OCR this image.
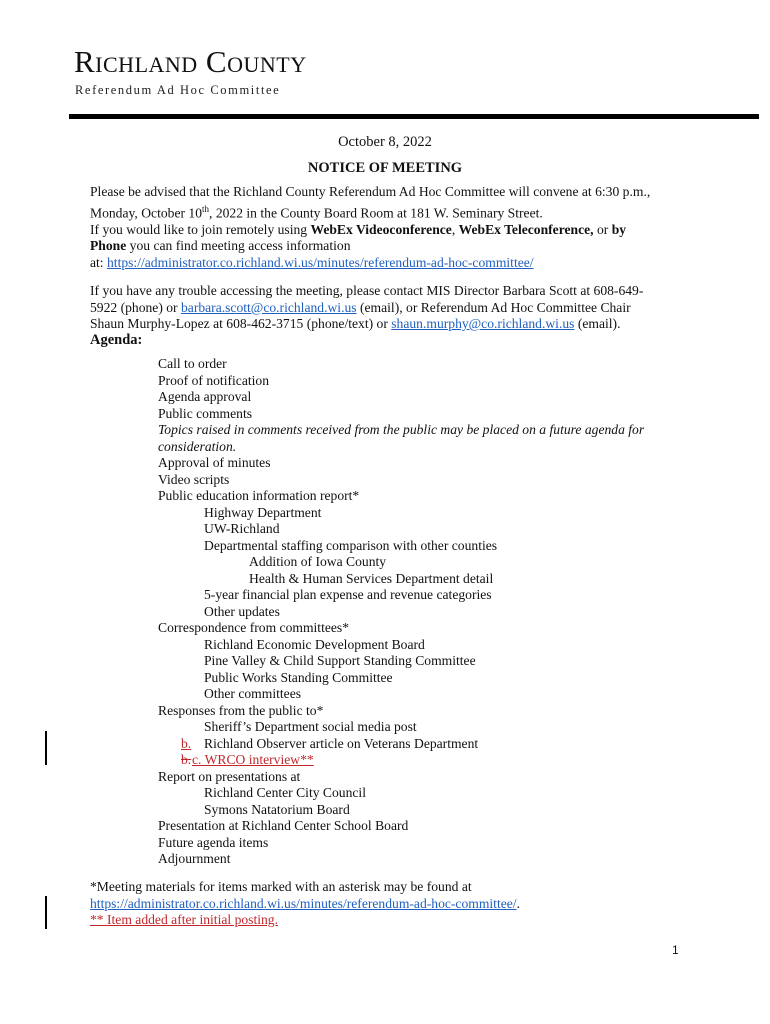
Richland County
Referendum Ad Hoc Committee
October 8, 2022
NOTICE OF MEETING
Please be advised that the Richland County Referendum Ad Hoc Committee will convene at 6:30 p.m.,
Monday, October 10th, 2022 in the County Board Room at 181 W. Seminary Street.
If you would like to join remotely using WebEx Videoconference, WebEx Teleconference, or by
Phone you can find meeting access information
at: https://administrator.co.richland.wi.us/minutes/referendum-ad-hoc-committee/
If you have any trouble accessing the meeting, please contact MIS Director Barbara Scott at 608-649-
5922 (phone) or barbara.scott@co.richland.wi.us (email), or Referendum Ad Hoc Committee Chair
Shaun Murphy-Lopez at 608-462-3715 (phone/text) or shaun.murphy@co.richland.wi.us (email).
Agenda:
Call to order
Proof of notification
Agenda approval
Public comments
Topics raised in comments received from the public may be placed on a future agenda for
consideration.
Approval of minutes
Video scripts
Public education information report*
Highway Department
UW-Richland
Departmental staffing comparison with other counties
Addition of Iowa County
Health & Human Services Department detail
5-year financial plan expense and revenue categories
Other updates
Correspondence from committees*
Richland Economic Development Board
Pine Valley & Child Support Standing Committee
Public Works Standing Committee
Other committees
Responses from the public to*
Sheriff’s Department social media post
b. Richland Observer article on Veterans Department
b. c. WRCO interview**
Report on presentations at
Richland Center City Council
Symons Natatorium Board
Presentation at Richland Center School Board
Future agenda items
Adjournment
*Meeting materials for items marked with an asterisk may be found at
https://administrator.co.richland.wi.us/minutes/referendum-ad-hoc-committee/.
** Item added after initial posting.
1
